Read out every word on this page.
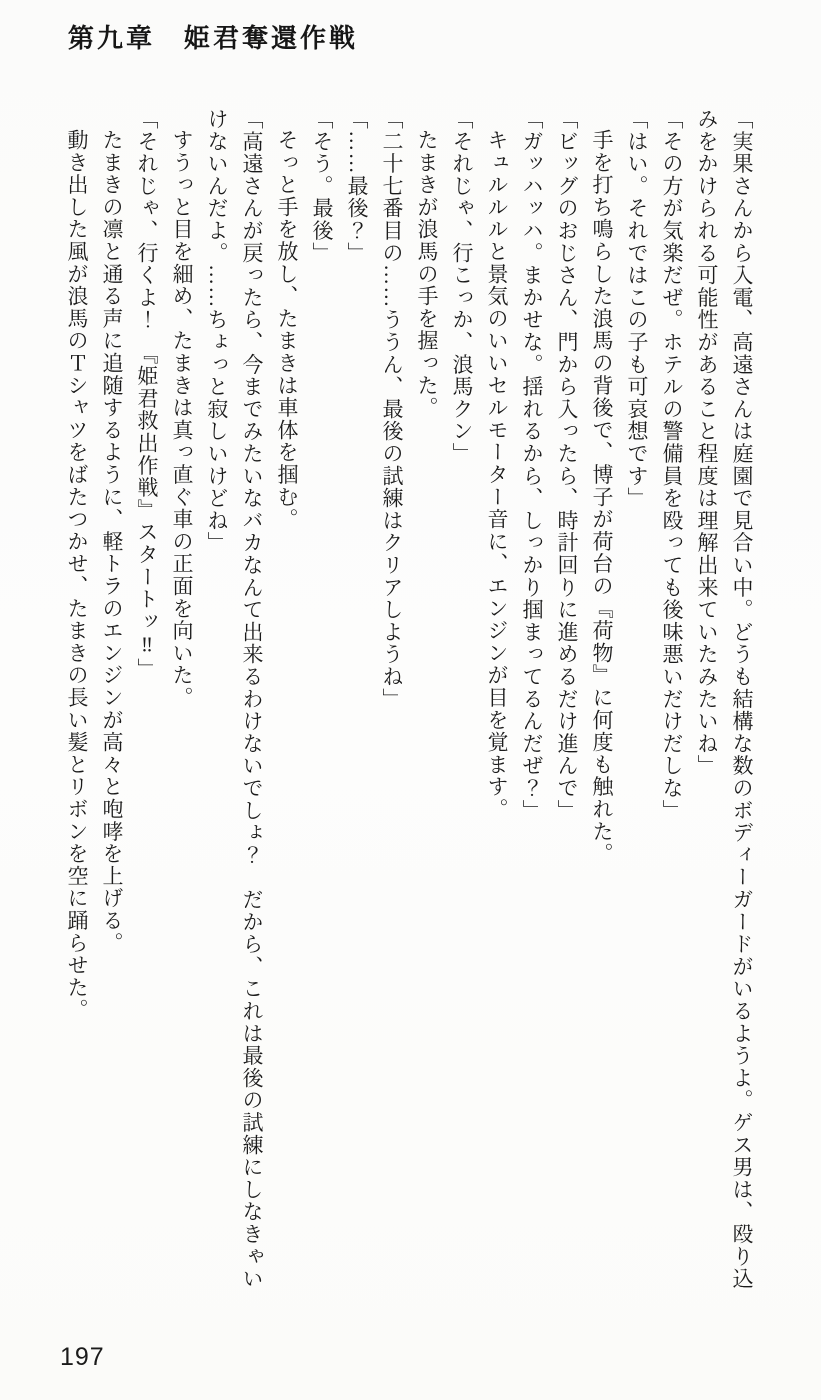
第九章　姫君奪還作戦

「実果さんから入電、高遠さんは庭園で見合い中。どうも結構な数のボディーガードがいるようよ。ゲス男は、殴り込みをかけられる可能性があること程度は理解出来ていたみたいね」

「その方が気楽だぜ。ホテルの警備員を殴っても後味悪いだけだしな」

「はい。それではこの子も可哀想です」

手を打ち鳴らした浪馬の背後で、博子が荷台の『荷物』に何度も触れた。

「ビッグのおじさん、門から入ったら、時計回りに進めるだけ進んで」

「ガッハッハ。まかせな。揺れるから、しっかり掴まってるんだぜ？」

キュルルルと景気のいいセルモーター音に、エンジンが目を覚ます。

「それじゃ、行こっか、浪馬クン」

たまきが浪馬の手を握った。

「二十七番目の……ううん、最後の試練はクリアしようね」

「……最後？」

「そう。最後」

そっと手を放し、たまきは車体を掴む。

「高遠さんが戻ったら、今までみたいなバカなんて出来るわけないでしょ？　だから、これは最後の試練にしなきゃいけないんだよ。……ちょっと寂しいけどね」

すうっと目を細め、たまきは真っ直ぐ車の正面を向いた。

「それじゃ、行くよ！　『姫君救出作戦』スタートッ‼」

たまきの凛と通る声に追随するように、軽トラのエンジンが高々と咆哮を上げる。

動き出した風が浪馬のＴシャツをばたつかせ、たまきの長い髪とリボンを空に踊らせた。

197
